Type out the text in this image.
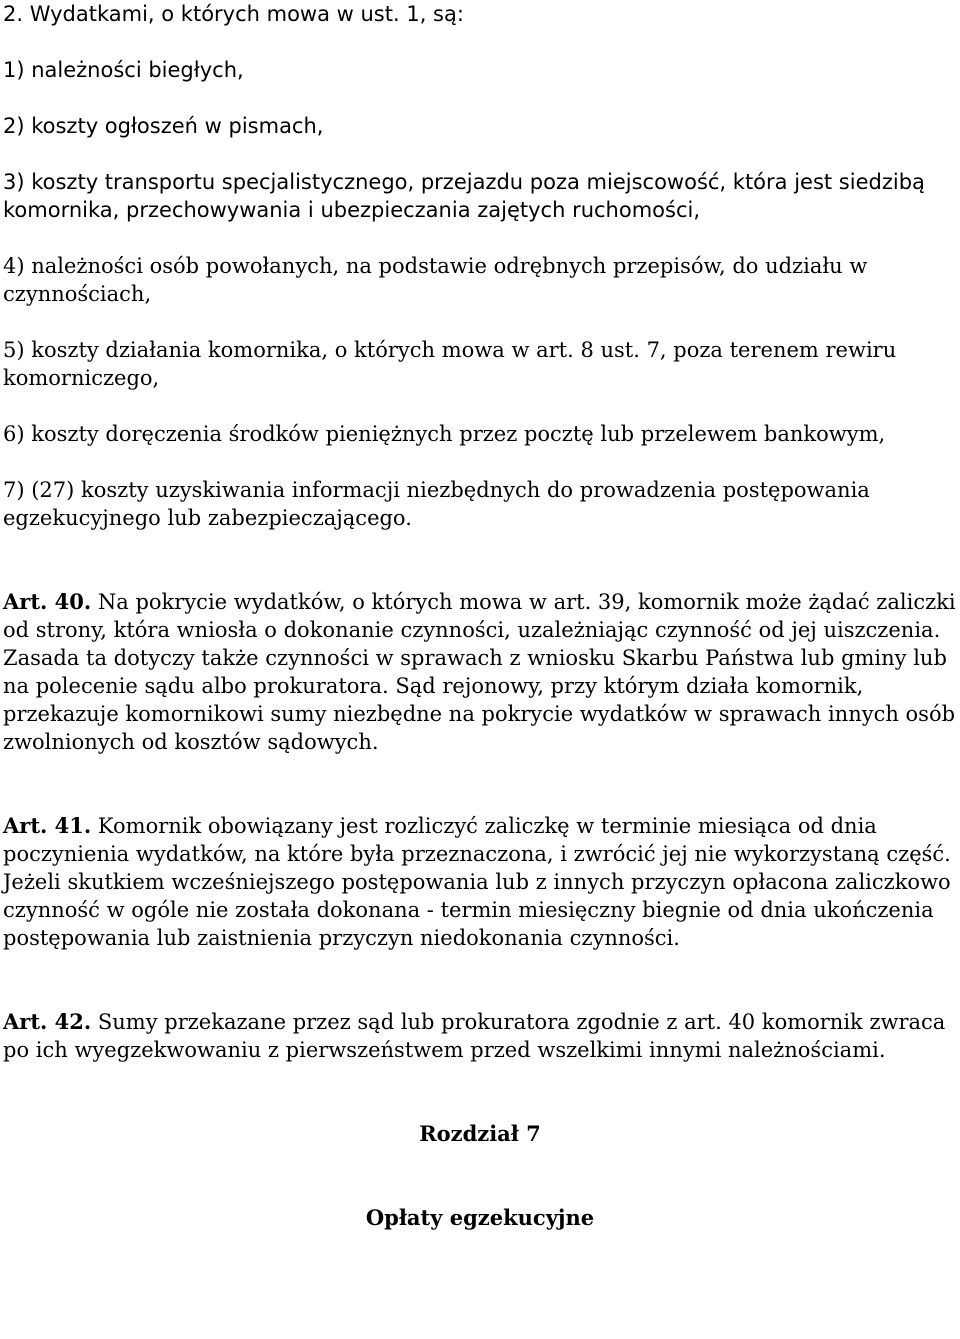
2. Wydatkami, o których mowa w ust. 1, są:

1) należności biegłych,

2) koszty ogłoszeń w pismach,

3) koszty transportu specjalistycznego, przejazdu poza miejscowość, która jest siedzibą komornika, przechowywania i ubezpieczania zajętych ruchomości,

4) należności osób powołanych, na podstawie odrębnych przepisów, do udziału w czynnościach,

5) koszty działania komornika, o których mowa w art. 8 ust. 7, poza terenem rewiru komorniczego,

6) koszty doręczenia środków pieniężnych przez pocztę lub przelewem bankowym,

7) (27) koszty uzyskiwania informacji niezbędnych do prowadzenia postępowania egzekucyjnego lub zabezpieczającego.

Art. 40. Na pokrycie wydatków, o których mowa w art. 39, komornik może żądać zaliczki od strony, która wniosła o dokonanie czynności, uzależniając czynność od jej uiszczenia. Zasada ta dotyczy także czynności w sprawach z wniosku Skarbu Państwa lub gminy lub na polecenie sądu albo prokuratora. Sąd rejonowy, przy którym działa komornik, przekazuje komornikowi sumy niezbędne na pokrycie wydatków w sprawach innych osób zwolnionych od kosztów sądowych.

Art. 41. Komornik obowiązany jest rozliczyć zaliczkę w terminie miesiąca od dnia poczynienia wydatków, na które była przeznaczona, i zwrócić jej nie wykorzystaną część. Jeżeli skutkiem wcześniejszego postępowania lub z innych przyczyn opłacona zaliczkowo czynność w ogóle nie została dokonana - termin miesięczny biegnie od dnia ukończenia postępowania lub zaistnienia przyczyn niedokonania czynności.

Art. 42. Sumy przekazane przez sąd lub prokuratora zgodnie z art. 40 komornik zwraca po ich wyegzekwowaniu z pierwszeństwem przed wszelkimi innymi należnościami.

Rozdział 7

Opłaty egzekucyjne
